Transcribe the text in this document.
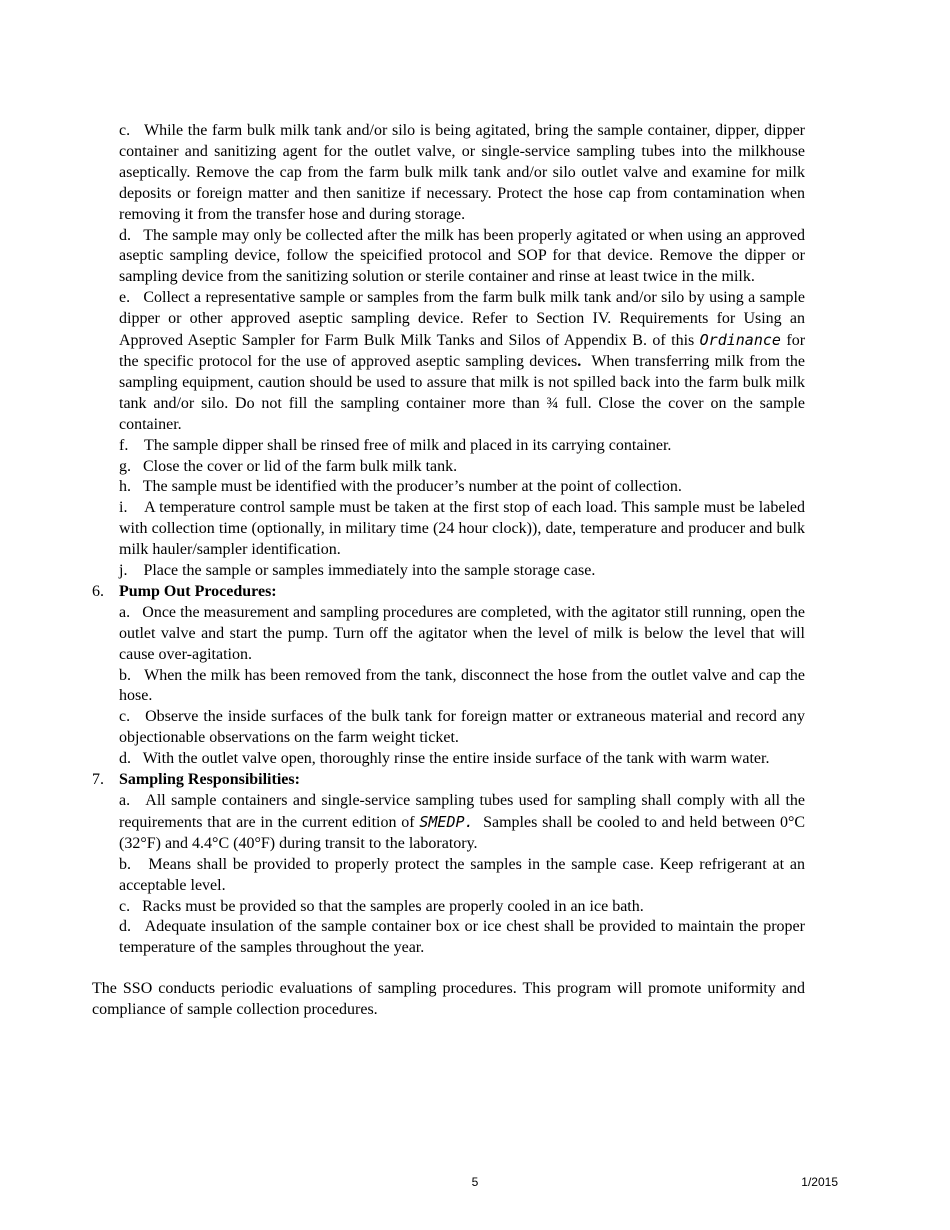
c. While the farm bulk milk tank and/or silo is being agitated, bring the sample container, dipper, dipper container and sanitizing agent for the outlet valve, or single-service sampling tubes into the milkhouse aseptically. Remove the cap from the farm bulk milk tank and/or silo outlet valve and examine for milk deposits or foreign matter and then sanitize if necessary. Protect the hose cap from contamination when removing it from the transfer hose and during storage.
d. The sample may only be collected after the milk has been properly agitated or when using an approved aseptic sampling device, follow the speicified protocol and SOP for that device. Remove the dipper or sampling device from the sanitizing solution or sterile container and rinse at least twice in the milk.
e. Collect a representative sample or samples from the farm bulk milk tank and/or silo by using a sample dipper or other approved aseptic sampling device. Refer to Section IV. Requirements for Using an Approved Aseptic Sampler for Farm Bulk Milk Tanks and Silos of Appendix B. of this Ordinance for the specific protocol for the use of approved aseptic sampling devices. When transferring milk from the sampling equipment, caution should be used to assure that milk is not spilled back into the farm bulk milk tank and/or silo. Do not fill the sampling container more than ¾ full. Close the cover on the sample container.
f. The sample dipper shall be rinsed free of milk and placed in its carrying container.
g. Close the cover or lid of the farm bulk milk tank.
h. The sample must be identified with the producer’s number at the point of collection.
i. A temperature control sample must be taken at the first stop of each load. This sample must be labeled with collection time (optionally, in military time (24 hour clock)), date, temperature and producer and bulk milk hauler/sampler identification.
j. Place the sample or samples immediately into the sample storage case.
6. Pump Out Procedures:
a. Once the measurement and sampling procedures are completed, with the agitator still running, open the outlet valve and start the pump. Turn off the agitator when the level of milk is below the level that will cause over-agitation.
b. When the milk has been removed from the tank, disconnect the hose from the outlet valve and cap the hose.
c. Observe the inside surfaces of the bulk tank for foreign matter or extraneous material and record any objectionable observations on the farm weight ticket.
d. With the outlet valve open, thoroughly rinse the entire inside surface of the tank with warm water.
7. Sampling Responsibilities:
a. All sample containers and single-service sampling tubes used for sampling shall comply with all the requirements that are in the current edition of SMEDP. Samples shall be cooled to and held between 0°C (32°F) and 4.4°C (40°F) during transit to the laboratory.
b. Means shall be provided to properly protect the samples in the sample case. Keep refrigerant at an acceptable level.
c. Racks must be provided so that the samples are properly cooled in an ice bath.
d. Adequate insulation of the sample container box or ice chest shall be provided to maintain the proper temperature of the samples throughout the year.

The SSO conducts periodic evaluations of sampling procedures. This program will promote uniformity and compliance of sample collection procedures.

5	1/2015
